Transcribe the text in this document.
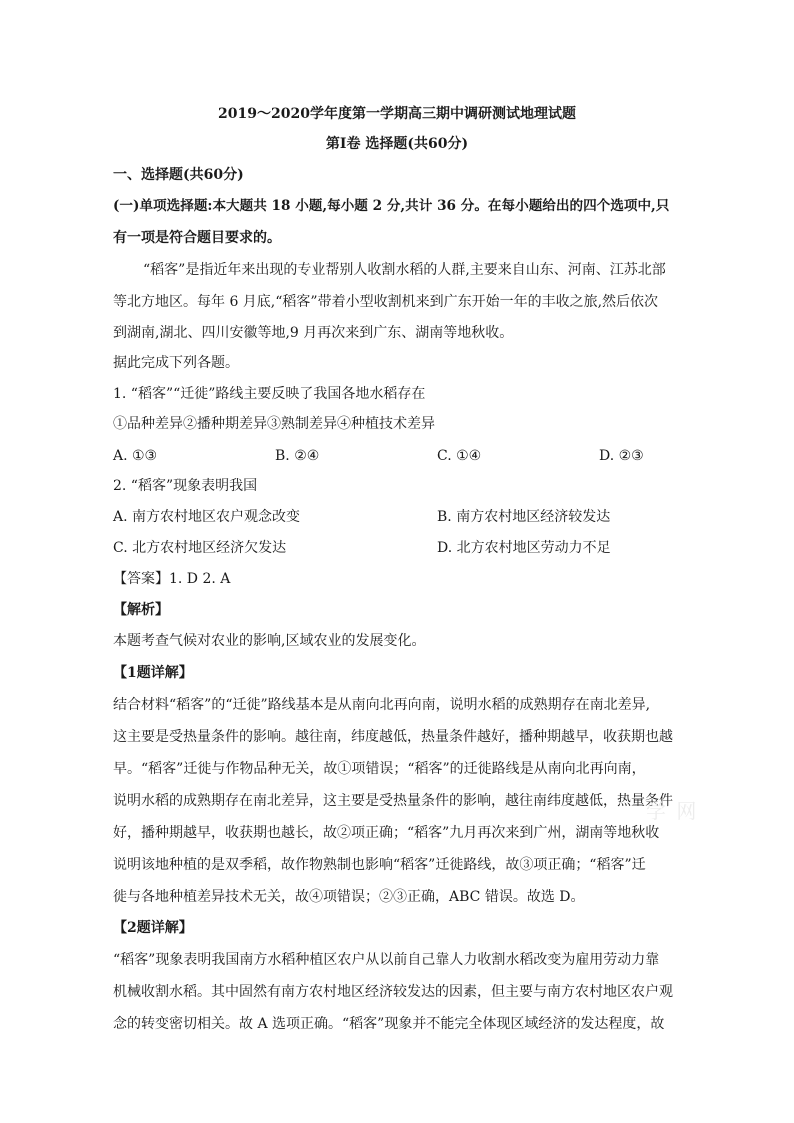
2019～2020学年度第一学期高三期中调研测试地理试题
第Ⅰ卷 选择题(共60分)
一、选择题(共60分)
(一)单项选择题:本大题共 18 小题,每小题 2 分,共计 36 分。在每小题给出的四个选项中,只
有一项是符合题目要求的。
“稻客”是指近年来出现的专业帮别人收割水稻的人群,主要来自山东、河南、江苏北部
等北方地区。每年 6 月底,“稻客”带着小型收割机来到广东开始一年的丰收之旅,然后依次
到湖南,湖北、四川安徽等地,9 月再次来到广东、湖南等地秋收。
据此完成下列各题。
1. “稻客”“迁徙”路线主要反映了我国各地水稻存在
①品种差异②播种期差异③熟制差异④种植技术差异
A. ①③	B. ②④	C. ①④	D. ②③
2. “稻客”现象表明我国
A. 南方农村地区农户观念改变	B. 南方农村地区经济较发达
C. 北方农村地区经济欠发达	D. 北方农村地区劳动力不足
【答案】1. D 2. A
【解析】
本题考查气候对农业的影响,区域农业的发展变化。
【1题详解】
结合材料“稻客”的“迁徙”路线基本是从南向北再向南，说明水稻的成熟期存在南北差异,
这主要是受热量条件的影响。越往南，纬度越低，热量条件越好，播种期越早，收获期也越
早。“稻客”迁徙与作物品种无关，故①项错误；“稻客”的迁徙路线是从南向北再向南，
说明水稻的成熟期存在南北差异，这主要是受热量条件的影响，越往南纬度越低，热量条件
好，播种期越早，收获期也越长，故②项正确；“稻客”九月再次来到广州，湖南等地秋收
说明该地种植的是双季稻，故作物熟制也影响“稻客”迁徙路线，故③项正确；“稻客”迁
徙与各地种植差异技术无关，故④项错误；②③正确，ABC 错误。故选 D。
【2题详解】
“稻客”现象表明我国南方水稻种植区农户从以前自己靠人力收割水稻改变为雇用劳动力靠
机械收割水稻。其中固然有南方农村地区经济较发达的因素，但主要与南方农村地区农户观
念的转变密切相关。故 A 选项正确。“稻客”现象并不能完全体现区域经济的发达程度，故
学 网
